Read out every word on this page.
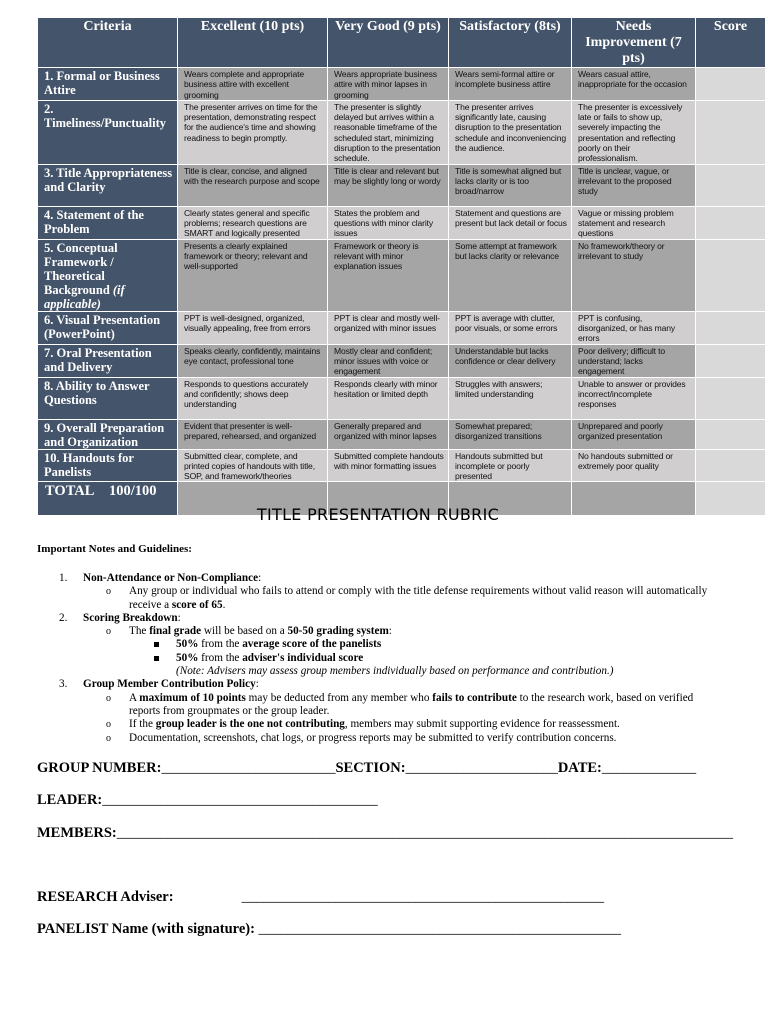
Criteria	Excellent (10 pts)	Very Good (9 pts)	Satisfactory (8ts)	Needs Improvement (7 pts)	Score
1. Formal or Business Attire	Wears complete and appropriate business attire with excellent grooming	Wears appropriate business attire with minor lapses in grooming	Wears semi-formal attire or incomplete business attire	Wears casual attire, inappropriate for the occasion	
2. Timeliness/Punctuality	The presenter arrives on time for the presentation, demonstrating respect for the audience's time and showing readiness to begin promptly.	The presenter is slightly delayed but arrives within a reasonable timeframe of the scheduled start, minimizing disruption to the presentation schedule.	The presenter arrives significantly late, causing disruption to the presentation schedule and inconveniencing the audience.	The presenter is excessively late or fails to show up, severely impacting the presentation and reflecting poorly on their professionalism.	
3. Title Appropriateness and Clarity	Title is clear, concise, and aligned with the research purpose and scope	Title is clear and relevant but may be slightly long or wordy	Title is somewhat aligned but lacks clarity or is too broad/narrow	Title is unclear, vague, or irrelevant to the proposed study	
4. Statement of the Problem	Clearly states general and specific problems; research questions are SMART and logically presented	States the problem and questions with minor clarity issues	Statement and questions are present but lack detail or focus	Vague or missing problem statement and research questions	
5. Conceptual Framework / Theoretical Background (if applicable)	Presents a clearly explained framework or theory; relevant and well-supported	Framework or theory is relevant with minor explanation issues	Some attempt at framework but lacks clarity or relevance	No framework/theory or irrelevant to study	
6. Visual Presentation (PowerPoint)	PPT is well-designed, organized, visually appealing, free from errors	PPT is clear and mostly well-organized with minor issues	PPT is average with clutter, poor visuals, or some errors	PPT is confusing, disorganized, or has many errors	
7. Oral Presentation and Delivery	Speaks clearly, confidently, maintains eye contact, professional tone	Mostly clear and confident; minor issues with voice or engagement	Understandable but lacks confidence or clear delivery	Poor delivery; difficult to understand; lacks engagement	
8. Ability to Answer Questions	Responds to questions accurately and confidently; shows deep understanding	Responds clearly with minor hesitation or limited depth	Struggles with answers; limited understanding	Unable to answer or provides incorrect/incomplete responses	
9. Overall Preparation and Organization	Evident that presenter is well-prepared, rehearsed, and organized	Generally prepared and organized with minor lapses	Somewhat prepared; disorganized transitions	Unprepared and poorly organized presentation	
10. Handouts for Panelists	Submitted clear, complete, and printed copies of handouts with title, SOP, and framework/theories	Submitted complete handouts with minor formatting issues	Handouts submitted but incomplete or poorly presented	No handouts submitted or extremely poor quality	
TOTAL 100/100					
TITLE PRESENTATION RUBRIC
Important Notes and Guidelines:
1. Non-Attendance or Non-Compliance:
o Any group or individual who fails to attend or comply with the title defense requirements without valid reason will automatically receive a score of 65.
2. Scoring Breakdown:
o The final grade will be based on a 50-50 grading system:
50% from the average score of the panelists
50% from the adviser's individual score
(Note: Advisers may assess group members individually based on performance and contribution.)
3. Group Member Contribution Policy:
o A maximum of 10 points may be deducted from any member who fails to contribute to the research work, based on verified reports from groupmates or the group leader.
o If the group leader is the one not contributing, members may submit supporting evidence for reassessment.
o Documentation, screenshots, chat logs, or progress reports may be submitted to verify contribution concerns.
GROUP NUMBER:________________________SECTION:_____________________DATE:_____________
LEADER:______________________________________
MEMBERS:_____________________________________________________________________________________
RESEARCH Adviser:	__________________________________________________
PANELIST Name (with signature): __________________________________________________
